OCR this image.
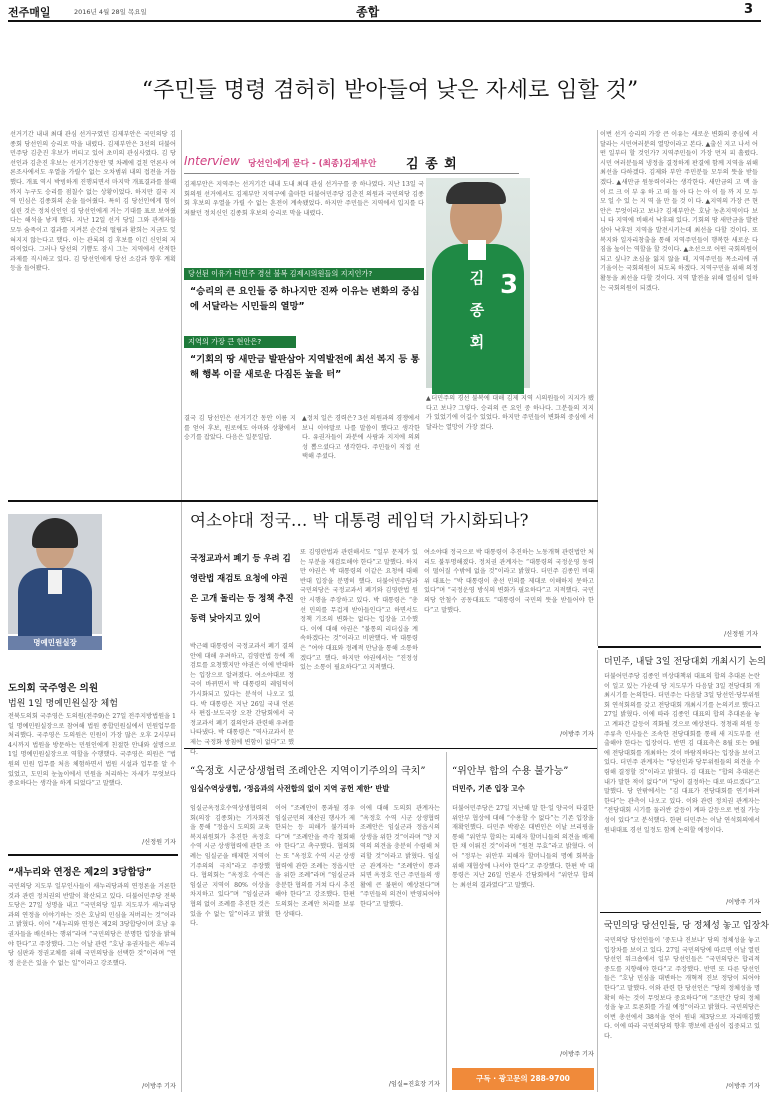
전주매일	2016년 4월 28일 목요일	종합	3
“주민들 명령 겸허히 받아들여 낮은 자세로 임할 것”
선거기간 내내 최대 관심 선거구였던 김제부안은 국민의당 김종회 당선인의 승리로 막을 내렸다. 김제부안은 3선의 더불어민주당 김춘진 후보가 버티고 있어 초미의 관심사였다. 김 당선인과 김춘진 후보는 선거기간동안 몇 차례에 걸친 언론사 여론조사에서도 우열을 가릴수 없는 오차범위 내의 접전을 거듭했다. 개표 역시 박빙하게 진행되면서 마지막 개표결과를 볼때 까지 누구도 승리를 점칠수 없는 상황이었다. 하지만 결국 지역 민심은 김종회의 손을 들어줬다. 특히 김 당선인에게 힘이 실린 것은 정치신인인 김 당선인에게 거는 기대를 표로 보여줬다는 해석을 낳게 했다. 지난 12일 선거 당일 그와 관계자들 모두 숨죽이고 결과를 지켜본 순간의 떨림과 환희는 지금도 잊혀지지 않는다고 했다. 이는 관록의 김 후보를 이긴 신인의 저력이었다. 그러나 당선의 기쁨도 잠시 그는 지역에서 산적한 과제를 직시하고 있다. 김 당선인에게 당선 소감과 향후 계획 등을 들어봤다.
Interview 당선인에게 묻다 - (최종)김제부안 김 종 회
김제부안은 지역주는 선거기간 내내 도내 최대 관심 선거구를 중 하나였다. 지난 13일 국회의원 선거에서도 김제부안 지역구에 출마한 더불어민주당 김춘진 의원과 국민의당 김종회 후보의 우열을 가릴 수 없는 혼전이 계속됐었다. 하지만 주민들은 지역에서 입지를 다져왔던 정치신인 김종회 후보의 승리로 막을 내렸다.
당선된 이유가 더민주 경선 불복 김제시의원들의 지지인가?
“승리의 큰 요인들 중 하나지만 진짜 이유는 변화의 중심에 서달라는 시민들의 열망”
지역의 가장 큰 현안은?
“기회의 땅 새만금 발판삼아 지역발전에 최선 복지 등 통해 행복 이끌 새로운 다짐돈 높을 터”
김 종 회
3
결국 김 당선인은 선거기간 동안 이름 지를 얻어 후보, 원로에도 아마와 상황에서 승기를 잡았다. 다음은 일문일답.
▲정치 일은 경력은? 3선 의원과의 경쟁에서 보니 이야말로 나를 말씀이 했다고 생각한다. 유권자들이 과분에 사람과 지지에 의외성 뽑으셨다고 생각한다. 주민들이 직접 선택해 주셨다.
▲더민주의 경선 불복에 대해 김제 지역 시의원들이 지지가 됐다고 보나? 그렇다. 승리의 큰 요인 중 하나다. 그분들의 지지가 있었기에 이길수 있었다. 하지만 주민들이 변화의 중심에 서달라는 열망이 가장 컸다.
이번 선거 승리의 가장 큰 이유는 새로운 변화의 중심에 서달라는 시민여러분의 열망이라고 본다. ▲출신 지고 나서 어떤 일부터 할 것인가? 지역주민들이 가장 먼저 피 흘렸다. 시민 여러분들의 냉정을 결정하게 판결에 함께 지역을 위해 최선을 다하겠다. 김제와 부안 주민분들 모두의 뜻을 받들겠다. ▲새만금 원동력이라는 생각한다. 새만금의 고 맥 을 이 르 크 이 부 유 하 고 떠 돌 아 다 는 아 이 들 까 지 모 두 모 일 수 있 는 지 역 을 만 들 것 이 다. ▲지역의 가장 큰 현안은 무엇이라고 보나? 김제부안은 호남 농촌지역이다 보니 타 지역에 비해서 낙후돼 있다. 기회의 땅 새만금을 발판삼아 낙후된 지역을 발전시키는데 최선을 다할 것이다. 또 복지와 일자리창출을 통해 지역주민들이 행복한 새로운 다짐을 높이는 역할을 할 것이다. ▲초선으로 어떤 국회의원이 되고 싶나? 초심을 잃지 않을 때, 지역주민들 목소리에 귀 기울이는 국회의원이 되도록 하겠다. 지역구민을 위해 의정활동을 최선을 다할 것이다. 지역 발전을 위해 열심히 일하는 국회의원이 되겠다.
/신정원 기자
명예민원실장
도의회 국주영은 의원
법원 1일 명예민원실장 체험
전북도의회 국주영은 도의원(전주9)은 27일 전주지방법원을 1일 명예민원실장으로 참여해 법원 종합민원실에서 민원업무를 처리했다. 국주영은 도의원은 민원이 가장 많은 오후 2시부터 4시까지 법원을 방문하는 민원인에게 친절한 안내와 설명으로 1일 명예민원실장으로 역할을 수행했다. 국주영은 의원은 “법원의 민원 업무를 처음 체험하면서 법원 시설과 업무를 알 수 있었고, 도민의 눈높이에서 민원을 처리하는 자세가 무엇보다 중요하다는 생각을 하게 되었다”고 말했다.
/신정원 기자
“새누리와 연정은 제2의 3당합당”
국민의당 지도부 일부인사들이 새누리당과의 연정론을 거론한 것과 관련 정치권의 반발이 확산되고 있다. 더불어민주당 전북도당은 27일 성명을 내고 “국민의당 일부 지도부가 새누리당과의 연정을 이야기하는 것은 호남의 민심을 저버리는 것”이라고 밝혔다. 이어 “새누리와 연정은 제2의 3당합당이며 호남 유권자들을 배신하는 행위”라며 “국민의당은 분명한 입장을 밝혀야 한다”고 주장했다. 그는 이날 관련 “호남 유권자들은 새누리당 심판과 정권교체를 위해 국민의당을 선택한 것”이라며 “연정 운운은 있을 수 없는 일”이라고 강조했다.
/이방주 기자
여소야대 정국… 박 대통령 레임덕 가시화되나?
국정교과서 폐기 등 우려 김영란법 재검토 요청에 야권은 고개 돌리는 등 정책 추진 동력 낮아지고 있어
박근혜 대통령이 국정교과서 폐기 결의안에 대해 우려하고, 김영란법 등에 재검토를 요청했지만 야권은 이에 반대하는 입장으로 알려졌다. 여소야대로 정국이 바뀌면서 박 대통령의 레임덕이 가시화되고 있다는 분석이 나오고 있다. 박 대통령은 지난 26일 국내 언론사 편집·보도국장 오찬 간담회에서 국정교과서 폐기 결의안과 관련해 우려를 나타냈다. 박 대통령은 “역사교과서 문제는 국정화 방침에 변함이 없다”고 했다.
또 김영란법과 관련해서도 “일부 문제가 있는 부분을 재검토해야 한다”고 말했다. 하지만 야권은 박 대통령의 이같은 요청에 대해 반대 입장을 분명히 했다. 더불어민주당과 국민의당은 국정교과서 폐기와 김영란법 원안 시행을 주장하고 있다. 박 대통령은 “총선 민의를 무겁게 받아들인다”고 하면서도 정책 기조의 변화는 없다는 입장을 고수했다. 이에 대해 야권은 “불통의 리더십을 계속하겠다는 것”이라고 비판했다. 박 대통령은 “여야 대표와 정례적 만남을 통해 소통하겠다”고 했다. 하지만 야권에서는 “진정성 있는 소통이 필요하다”고 지적했다.
여소야대 정국으로 박 대통령이 추진하는 노동개혁 관련법안 처리도 불투명해졌다. 정치권 관계자는 “대통령의 국정운영 동력이 떨어질 수밖에 없을 것”이라고 밝혔다. 더민주 김종인 비대위 대표는 “박 대통령이 총선 민의를 제대로 이해하지 못하고 있다”며 “국정운영 방식의 변화가 필요하다”고 지적했다. 국민의당 안철수 공동대표도 “대통령이 국민의 뜻을 받들어야 한다”고 말했다.
/이방주 기자
“옥정호 시군상생협력 조례안은 지역이기주의의 극치”
임실수역상생협, ‘정읍과의 사전합의 없이 지역 공헌 제한’ 반발
임실군옥정호수역상생협력의회(의장 김종회)는 기자회견을 통해 “정읍시 도의회 교육복지위원회가 추진한 옥정호 수역 시군 상생협력에 관한 조례는 임실군을 배제한 지역이기주의의 극치”라고 주장했다. 협의회는 “옥정호 수역은 임실군 지역이 80% 이상을 차지하고 있다”며 “임실군과 협의 없이 조례를 추진한 것은 있을 수 없는 일”이라고 밝혔다.
이어 “조례안이 통과될 경우 임실군민의 재산권 행사가 제한되는 등 피해가 불가피하다”며 “조례안을 즉각 철회해야 한다”고 촉구했다. 협의회는 또 “옥정호 수역 시군 상생협력에 관한 조례는 정읍시만을 위한 조례”라며 “임실군과 충분한 협의를 거쳐 다시 추진해야 한다”고 강조했다. 한편 도의회는 조례안 처리를 보류한 상태다.
이에 대해 도의회 관계자는 “옥정호 수역 시군 상생협력 조례안은 임실군과 정읍시의 상생을 위한 것”이라며 “양 지역의 의견을 충분히 수렴해 처리할 것”이라고 밝혔다. 임실군 관계자는 “조례안이 통과되면 옥정호 인근 주민들의 생활에 큰 불편이 예상된다”며 “주민들의 의견이 반영되어야 한다”고 말했다.
/임실=진효장 기자
“위안부 합의 수용 불가능”
더민주, 기존 입장 고수
더불어민주당은 27일 지난해 말 한·일 양국이 타결한 위안부 협상에 대해 “수용할 수 없다”는 기존 입장을 재확인했다. 더민주 박광온 대변인은 이날 브리핑을 통해 “위안부 합의는 피해자 할머니들의 의견을 배제한 채 이뤄진 것”이라며 “원천 무효”라고 밝혔다. 이어 “정부는 위안부 피해자 할머니들의 명예 회복을 위해 재협상에 나서야 한다”고 주장했다. 한편 박 대통령은 지난 26일 언론사 간담회에서 “위안부 합의는 최선의 결과였다”고 말했다.
/이방주 기자
구독 · 광고문의 288-9700
더민주, 내달 3일 전당대회 개최시기 논의
더불어민주당 김종인 비상대책위 대표의 합의 추대론 논란이 일고 있는 가운데 당 지도부가 다음달 3일 전당대회 개최시기를 논의한다. 더민주는 다음달 3일 당선인·당무위원회 연석회의를 갖고 전당대회 개최시기를 논의키로 했다고 27일 밝혔다. 이에 따라 김종인 대표의 합의 추대론을 놓고 계파간 갈등이 격화될 것으로 예상된다. 정청래 의원 등 주류측 인사들은 조속한 전당대회를 통해 새 지도부를 선출해야 한다는 입장이다. 반면 김 대표측은 8월 또는 9월에 전당대회를 개최하는 것이 바람직하다는 입장을 보이고 있다. 더민주 관계자는 “당선인과 당무위원들의 의견을 수렴해 결정할 것”이라고 밝혔다. 김 대표는 “합의 추대론은 내가 말한 적이 없다”며 “당이 결정하는 대로 따르겠다”고 말했다. 당 안팎에서는 “김 대표가 전당대회를 연기하려 한다”는 관측이 나오고 있다. 이와 관련 정치권 관계자는 “전당대회 시기를 둘러싼 갈등이 계파 갈등으로 번질 가능성이 있다”고 분석했다. 한편 더민주는 이날 연석회의에서 원내대표 경선 일정도 함께 논의할 예정이다.
/이방주 기자
국민의당 당선인들, 당 정체성 놓고 입장차
국민의당 당선인들이 ‘중도냐 진보냐’ 당의 정체성을 놓고 입장차를 보이고 있다. 27일 국민의당에 따르면 이날 열린 당선인 워크숍에서 일부 당선인들은 “국민의당은 합리적 중도를 지향해야 한다”고 주장했다. 반면 또 다른 당선인들은 “호남 민심을 대변하는 개혁적 진보 정당이 되어야 한다”고 말했다. 이와 관련 한 당선인은 “당의 정체성을 명확히 하는 것이 무엇보다 중요하다”며 “조만간 당의 정체성을 놓고 토론회를 가질 예정”이라고 밝혔다. 국민의당은 이번 총선에서 38석을 얻어 원내 제3당으로 자리매김했다. 이에 따라 국민의당의 향후 행보에 관심이 집중되고 있다.
/이방주 기자
